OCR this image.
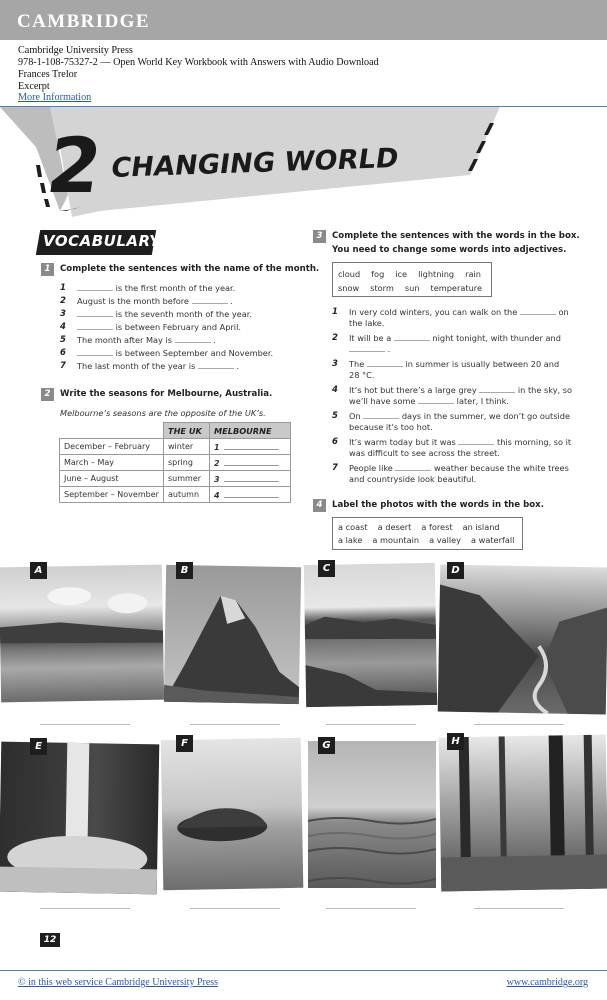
CAMBRIDGE
Cambridge University Press
978-1-108-75327-2 — Open World Key Workbook with Answers with Audio Download
Frances Trelor
Excerpt
More Information
2 CHANGING WORLD
VOCABULARY
1 Complete the sentences with the name of the month.
1	is the first month of the year.
2 August is the month before	.
3	is the seventh month of the year.
4	is between February and April.
5 The month after May is	.
6	is between September and November.
7 The last month of the year is	.
2 Write the seasons for Melbourne, Australia.
Melbourne’s seasons are the opposite of the UK’s.
	THE UK	MELBOURNE
December – February	winter	1
March – May	spring	2
June – August	summer	3
September – November	autumn	4
3 Complete the sentences with the words in the box.
You need to change some words into adjectives.
cloud fog ice lightning rain
snow storm sun temperature
1 In very cold winters, you can walk on the	on
the lake.
2 It will be a	night tonight, with thunder and
.
3 The	in summer is usually between 20 and
28 °C.
4 It’s hot but there’s a large grey	in the sky, so
we’ll have some	later, I think.
5 On	days in the summer, we don’t go outside
because it’s too hot.
6 It’s warm today but it was	this morning, so it
was difficult to see across the street.
7 People like	weather because the white trees
and countryside look beautiful.
4 Label the photos with the words in the box.
a coast a desert a forest an island
a lake a mountain a valley a waterfall
A	B	C	D
E	F	G	H
12
© in this web service Cambridge University Press	www.cambridge.org
